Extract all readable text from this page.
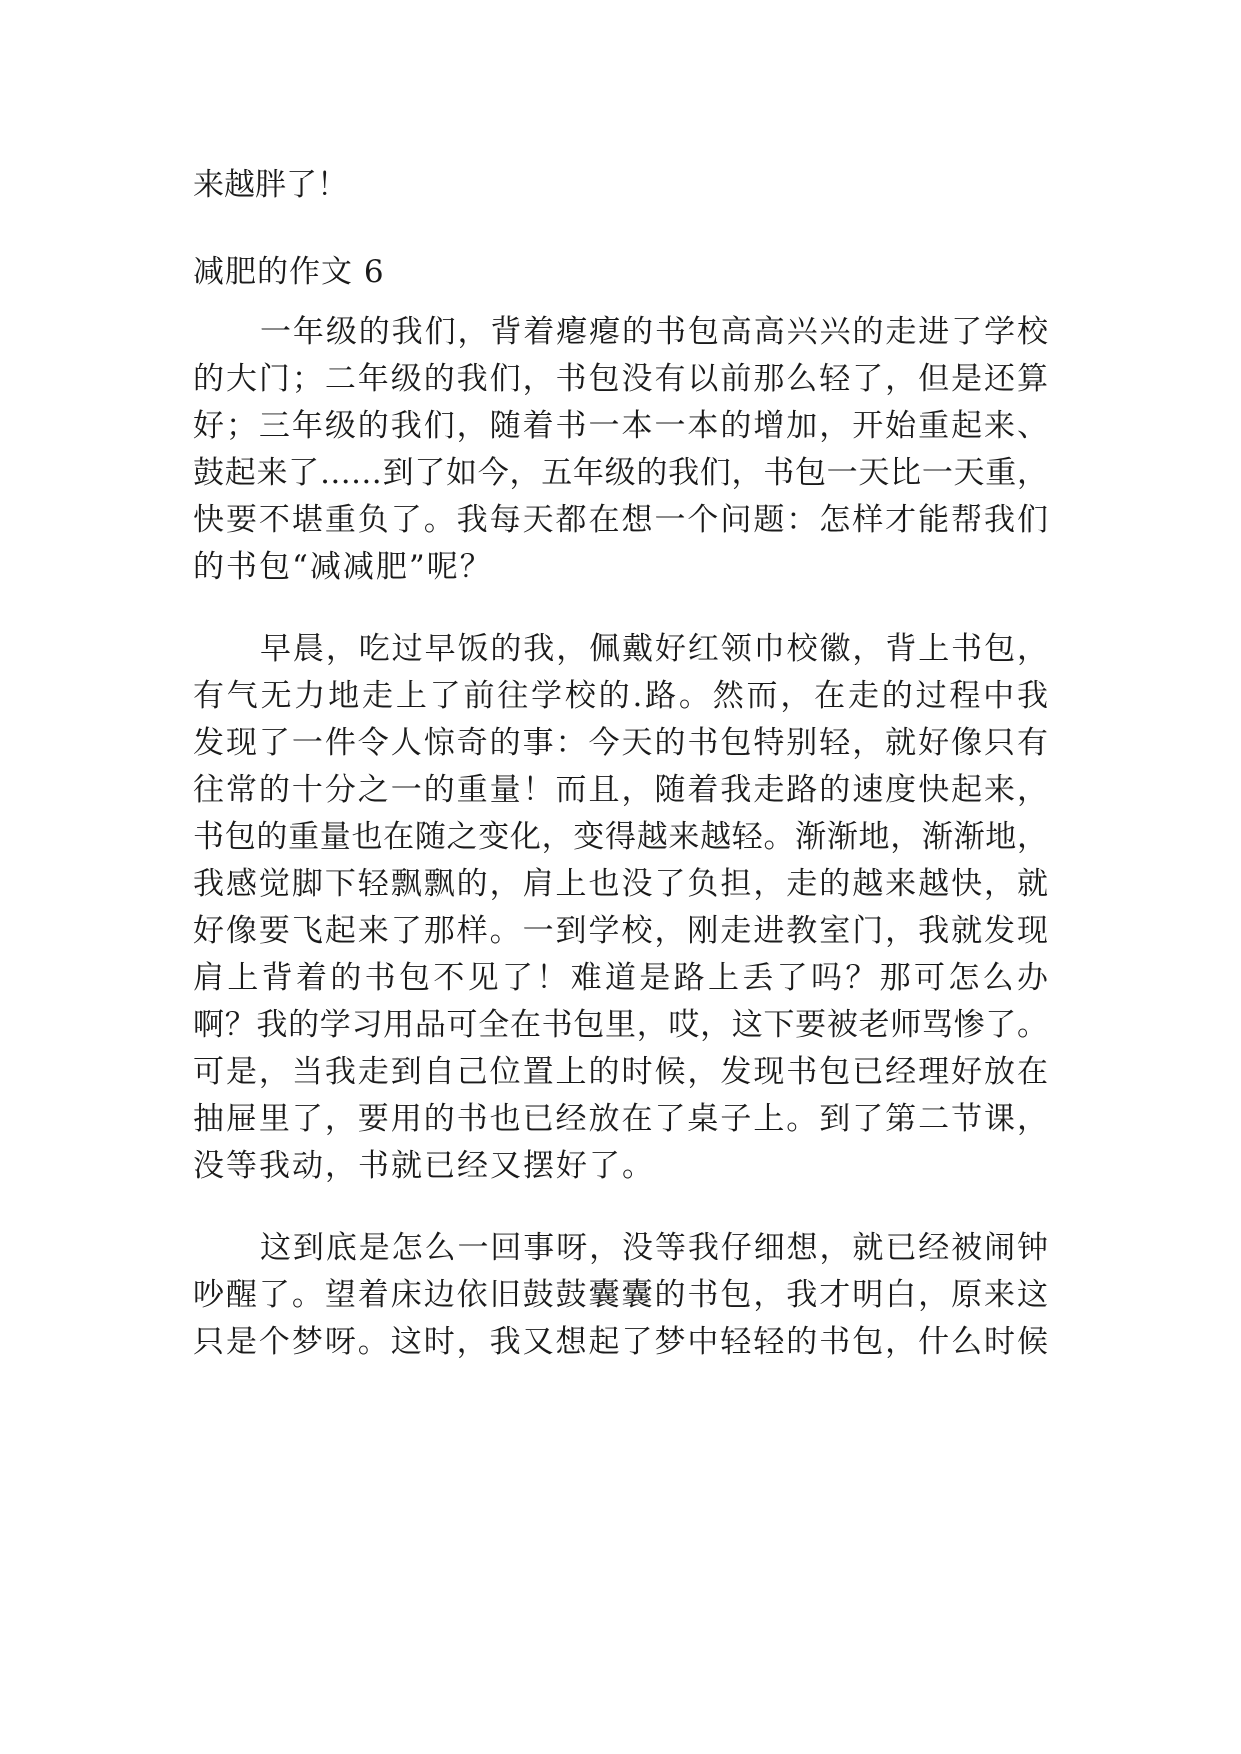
来越胖了！
减肥的作文 6
一年级的我们，背着瘪瘪的书包高高兴兴的走进了学校
的大门；二年级的我们，书包没有以前那么轻了，但是还算
好；三年级的我们，随着书一本一本的增加，开始重起来、
鼓起来了……到了如今，五年级的我们，书包一天比一天重，
快要不堪重负了。我每天都在想一个问题：怎样才能帮我们
的书包“减减肥”呢？
早晨，吃过早饭的我，佩戴好红领巾校徽，背上书包，
有气无力地走上了前往学校的.路。然而，在走的过程中我
发现了一件令人惊奇的事：今天的书包特别轻，就好像只有
往常的十分之一的重量！而且，随着我走路的速度快起来，
书包的重量也在随之变化，变得越来越轻。渐渐地，渐渐地，
我感觉脚下轻飘飘的，肩上也没了负担，走的越来越快，就
好像要飞起来了那样。一到学校，刚走进教室门，我就发现
肩上背着的书包不见了！难道是路上丢了吗？那可怎么办
啊？我的学习用品可全在书包里，哎，这下要被老师骂惨了。
可是，当我走到自己位置上的时候，发现书包已经理好放在
抽屉里了，要用的书也已经放在了桌子上。到了第二节课，
没等我动，书就已经又摆好了。
这到底是怎么一回事呀，没等我仔细想，就已经被闹钟
吵醒了。望着床边依旧鼓鼓囊囊的书包，我才明白，原来这
只是个梦呀。这时，我又想起了梦中轻轻的书包，什么时候
